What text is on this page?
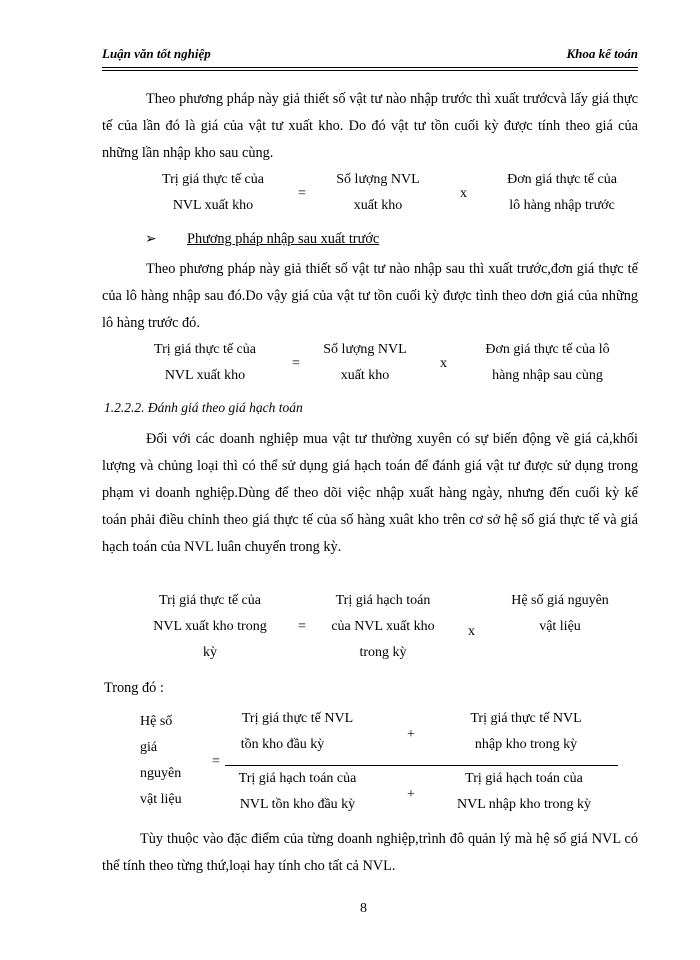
Luận văn tốt nghiệp	Khoa kế toán

Theo phương pháp này giả thiết số vật tư nào nhập trước thì xuất trướcvà lấy giá thực tế của lần đó là giá của vật tư xuất kho. Do đó vật tư tồn cuối kỳ được tính theo giá của những lần nhập kho sau cùng.

Trị giá thực tế của
NVL xuất kho
=
Số lượng NVL
xuất kho
x
Đơn giá thực tế của
lô hàng nhập trước
➢ Phương pháp nhập sau xuất trước

Theo phương pháp này giả thiết số vật tư nào nhập sau thì xuất trước,đơn giá thực tế của lô hàng nhập sau đó.Do vậy giá của vật tư tồn cuối kỳ được tình theo dơn giá của những lô hàng trước đó.

Trị giá thực tế của
NVL xuất kho
=
Số lượng NVL
xuất kho
x
Đơn giá thực tế của lô
hàng nhập sau cùng
1.2.2.2. Đánh giá theo giá hạch toán

Đối với các doanh nghiệp mua vật tư thường xuyên có sự biến động về giá cả,khối lượng và chủng loại thì có thể sử dụng giá hạch toán để đánh giá vật tư được sử dụng trong phạm vi doanh nghiệp.Dùng để theo dõi việc nhập xuất hàng ngày, nhưng đến cuối kỳ kế toán phải điều chỉnh theo giá thực tế của số hàng xuât kho trên cơ sở hệ số giá thực tế và giá hạch toán của NVL luân chuyển trong kỳ.

Trị giá thực tế của
NVL xuất kho trong
kỳ
=
Trị giá hạch toán
của NVL xuất kho
trong kỳ
x
Hệ số giá nguyên
vật liệu
Trong đó :
Hệ số
giá
nguyên
vật liệu
=
Trị giá thực tế NVL
tồn kho đầu kỳ
+
Trị giá thực tế NVL
nhập kho trong kỳ
Trị giá hạch toán của
NVL tồn kho đầu kỳ
+
Trị giá hạch toán của
NVL nhập kho trong kỳ

Tùy thuộc vào đặc điểm của từng doanh nghiệp,trình đô quản lý mà hệ số giá NVL có thể tính theo từng thứ,loại hay tính cho tất cả NVL.

8
